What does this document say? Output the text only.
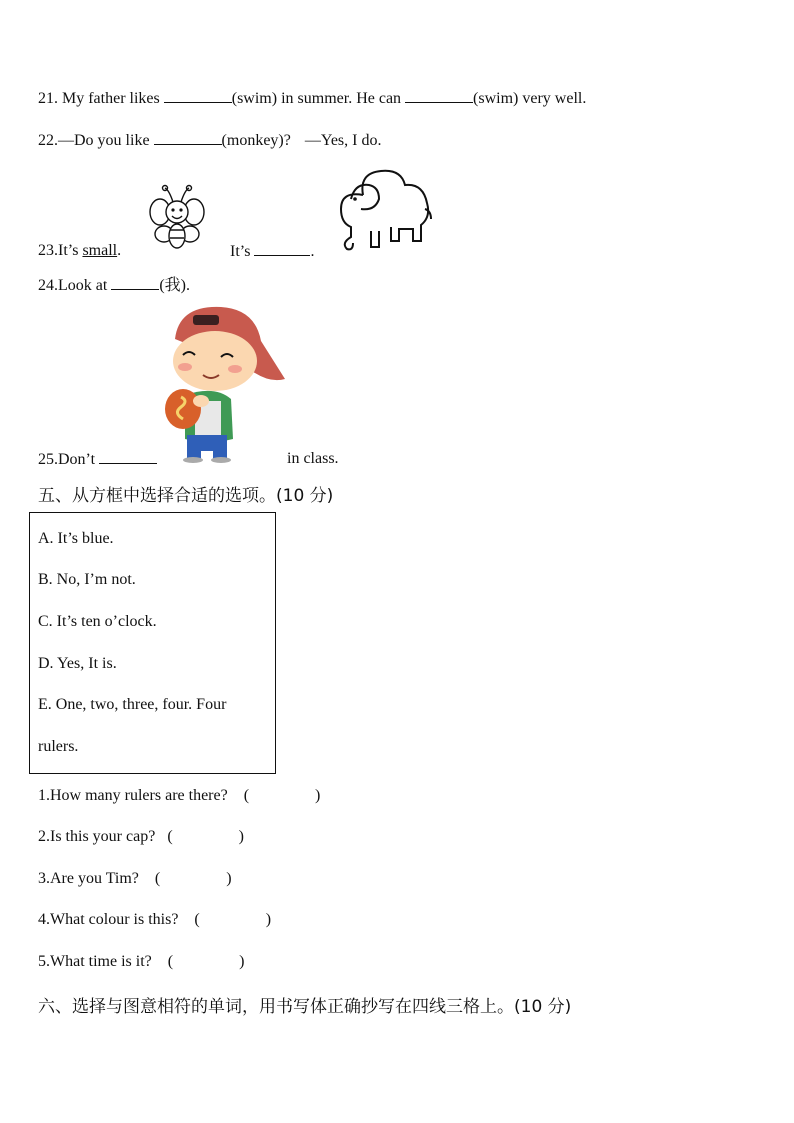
21. My father likes	(swim) in summer. He can	(swim) very well.
22.—Do you like	(monkey)? —Yes, I do.
23.It’s small.	It’s	.
24.Look at	(我).
25.Don’t	in class.
五、从方框中选择合适的选项。(10 分)
A. It’s blue.
B. No, I’m not.
C. It’s ten o’clock.
D. Yes, It is.
E. One, two, three, four. Four
rulers.
1.How many rulers are there? (	)
2.Is this your cap? (	)
3.Are you Tim? (	)
4.What colour is this? (	)
5.What time is it? (	)
六、选择与图意相符的单词，用书写体正确抄写在四线三格上。(10 分)
